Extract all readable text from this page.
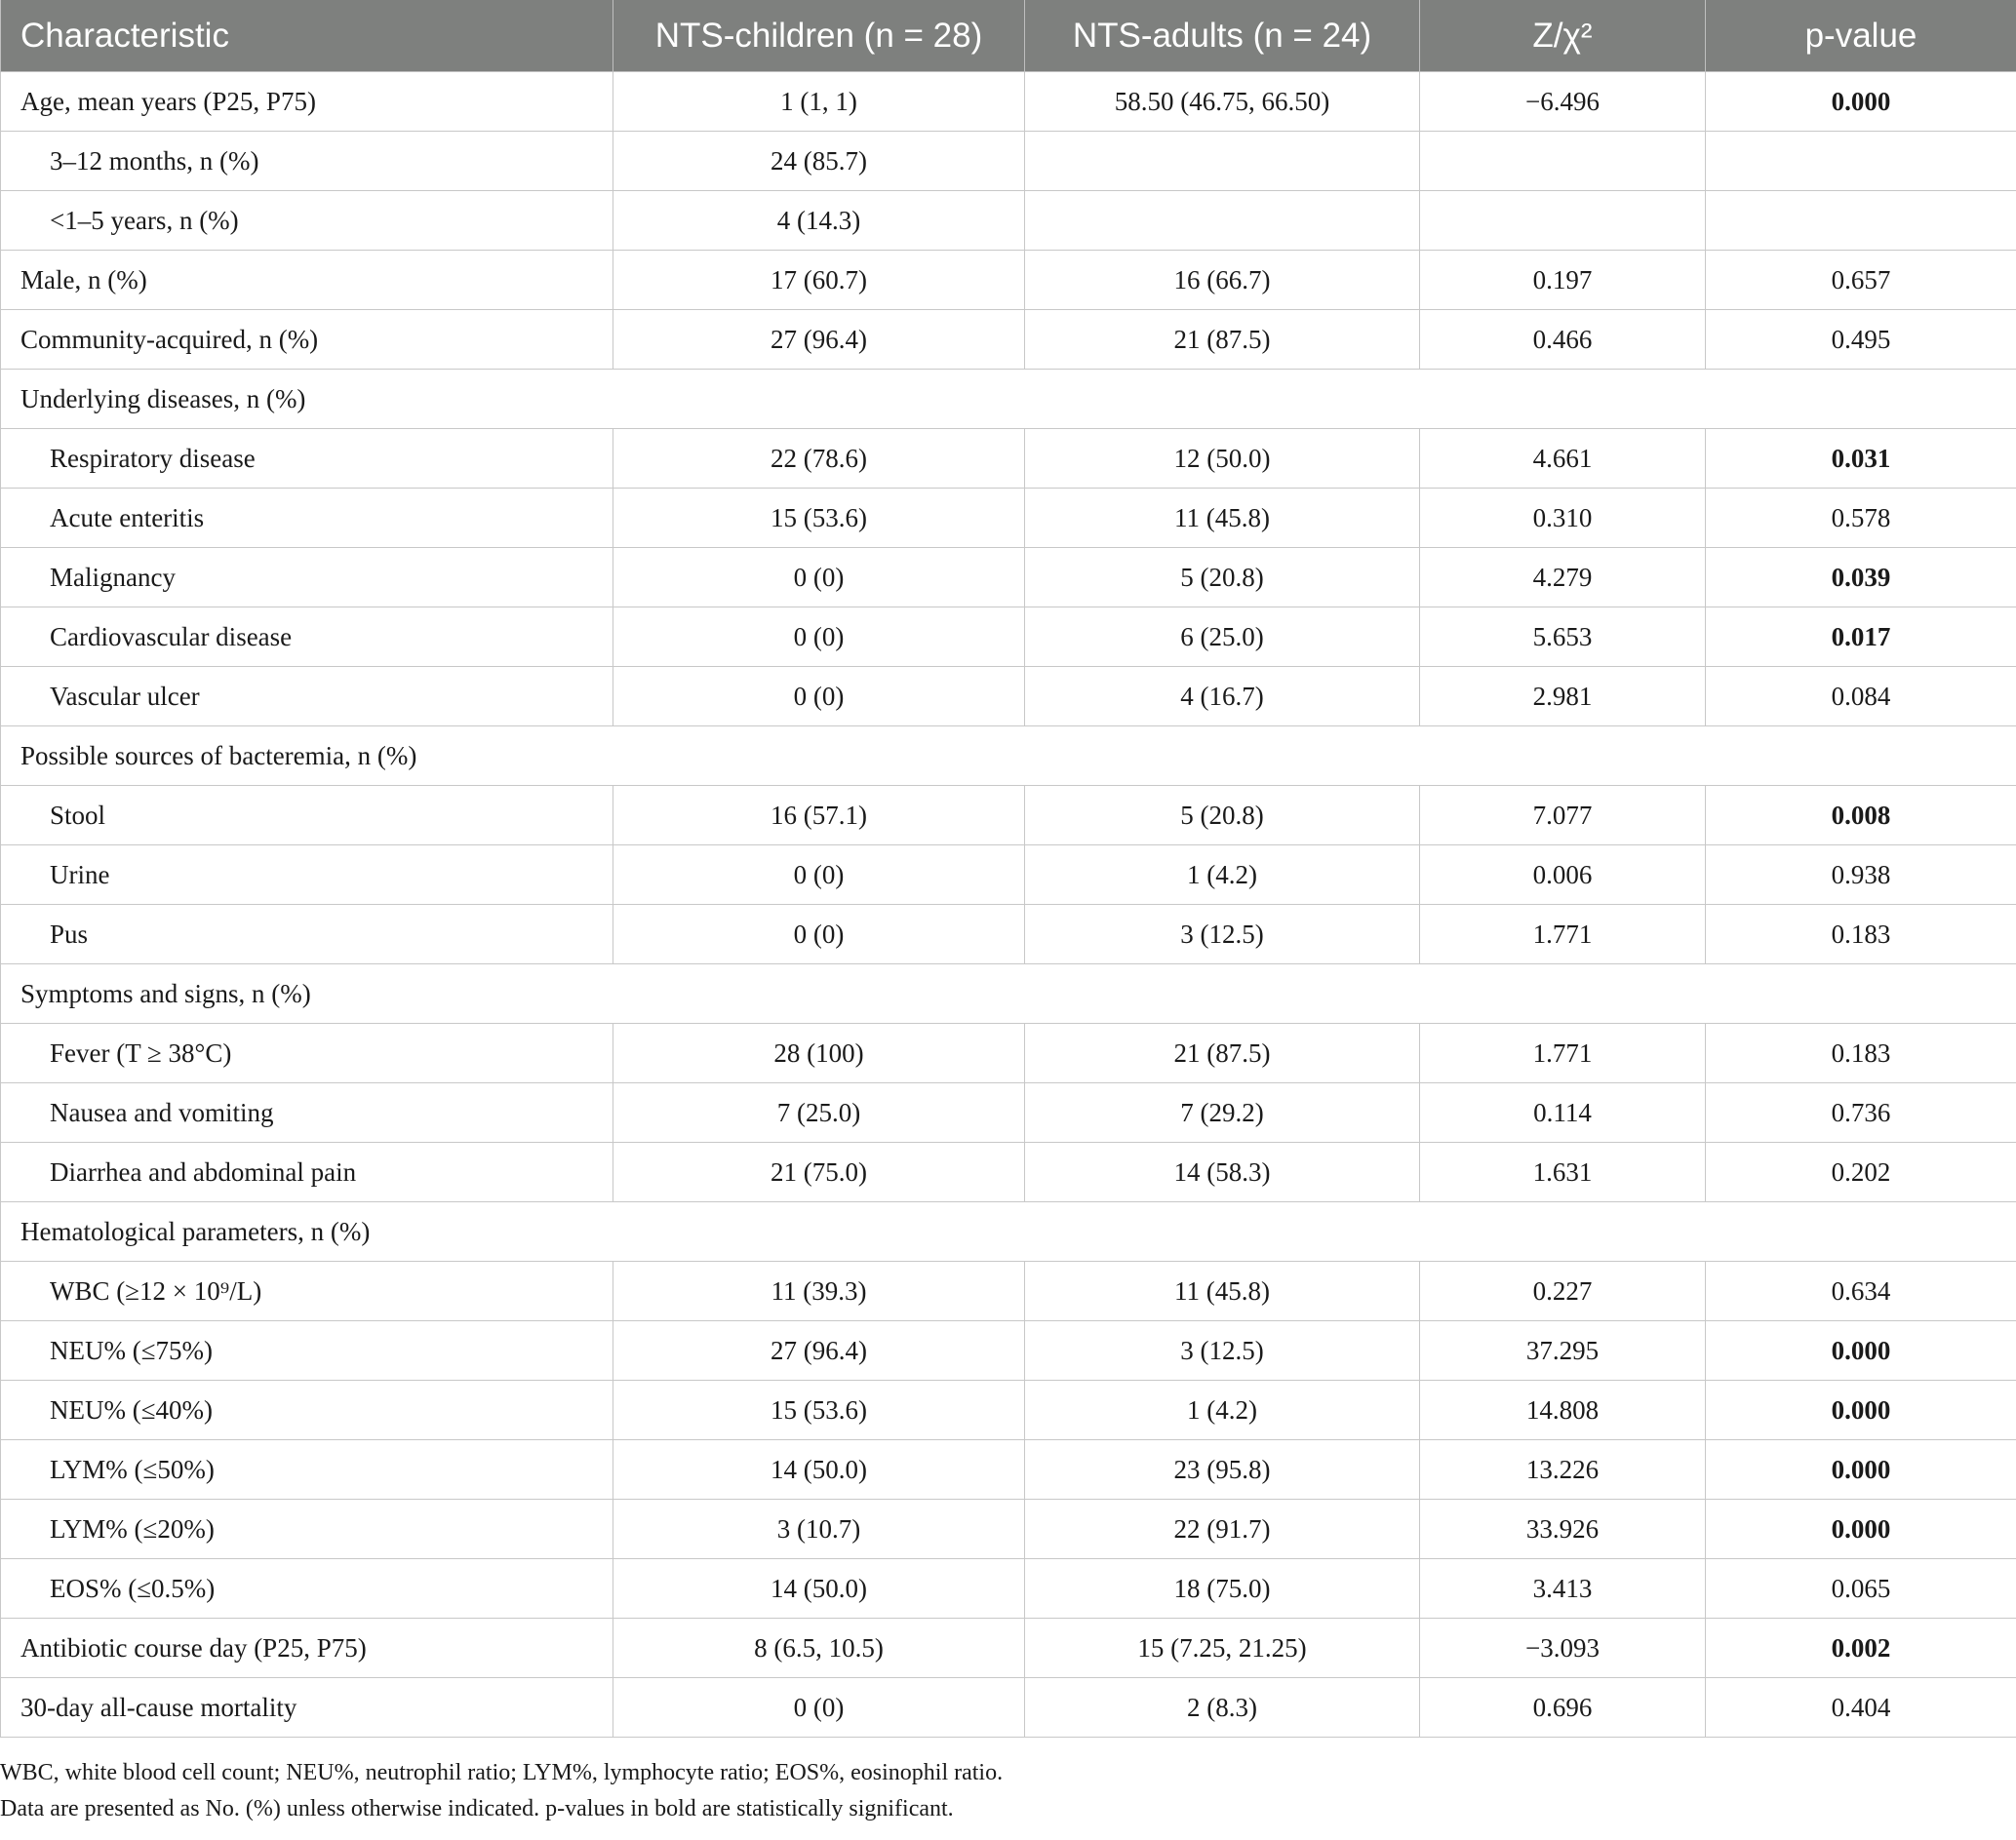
Characteristic	NTS-children (n = 28)	NTS-adults (n = 24)	Z/χ²	p-value
Age, mean years (P25, P75)	1 (1, 1)	58.50 (46.75, 66.50)	−6.496	0.000
3–12 months, n (%)	24 (85.7)			
<1–5 years, n (%)	4 (14.3)			
Male, n (%)	17 (60.7)	16 (66.7)	0.197	0.657
Community-acquired, n (%)	27 (96.4)	21 (87.5)	0.466	0.495
Underlying diseases, n (%)				
Respiratory disease	22 (78.6)	12 (50.0)	4.661	0.031
Acute enteritis	15 (53.6)	11 (45.8)	0.310	0.578
Malignancy	0 (0)	5 (20.8)	4.279	0.039
Cardiovascular disease	0 (0)	6 (25.0)	5.653	0.017
Vascular ulcer	0 (0)	4 (16.7)	2.981	0.084
Possible sources of bacteremia, n (%)				
Stool	16 (57.1)	5 (20.8)	7.077	0.008
Urine	0 (0)	1 (4.2)	0.006	0.938
Pus	0 (0)	3 (12.5)	1.771	0.183
Symptoms and signs, n (%)				
Fever (T ≥ 38°C)	28 (100)	21 (87.5)	1.771	0.183
Nausea and vomiting	7 (25.0)	7 (29.2)	0.114	0.736
Diarrhea and abdominal pain	21 (75.0)	14 (58.3)	1.631	0.202
Hematological parameters, n (%)				
WBC (≥12 × 10⁹/L)	11 (39.3)	11 (45.8)	0.227	0.634
NEU% (≤75%)	27 (96.4)	3 (12.5)	37.295	0.000
NEU% (≤40%)	15 (53.6)	1 (4.2)	14.808	0.000
LYM% (≤50%)	14 (50.0)	23 (95.8)	13.226	0.000
LYM% (≤20%)	3 (10.7)	22 (91.7)	33.926	0.000
EOS% (≤0.5%)	14 (50.0)	18 (75.0)	3.413	0.065
Antibiotic course day (P25, P75)	8 (6.5, 10.5)	15 (7.25, 21.25)	−3.093	0.002
30-day all-cause mortality	0 (0)	2 (8.3)	0.696	0.404

WBC, white blood cell count; NEU%, neutrophil ratio; LYM%, lymphocyte ratio; EOS%, eosinophil ratio.

Data are presented as No. (%) unless otherwise indicated. p-values in bold are statistically significant.
